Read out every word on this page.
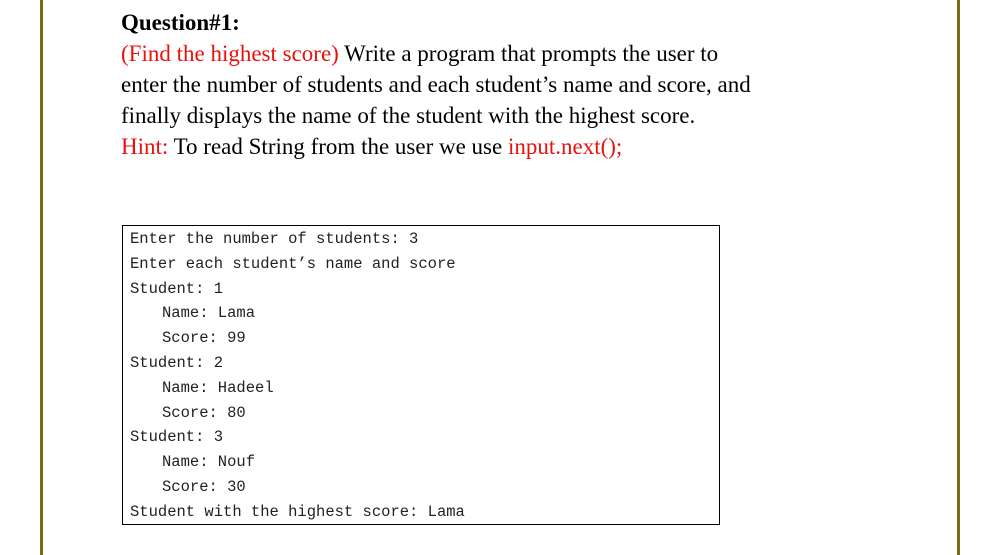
Question#1:

(Find the highest score) Write a program that prompts the user to

enter the number of students and each student’s name and score, and

finally displays the name of the student with the highest score.

Hint: To read String from the user we use input.next();

Enter the number of students: 3
Enter each student’s name and score
Student: 1
Name: Lama
Score: 99
Student: 2
Name: Hadeel
Score: 80
Student: 3
Name: Nouf
Score: 30
Student with the highest score: Lama
